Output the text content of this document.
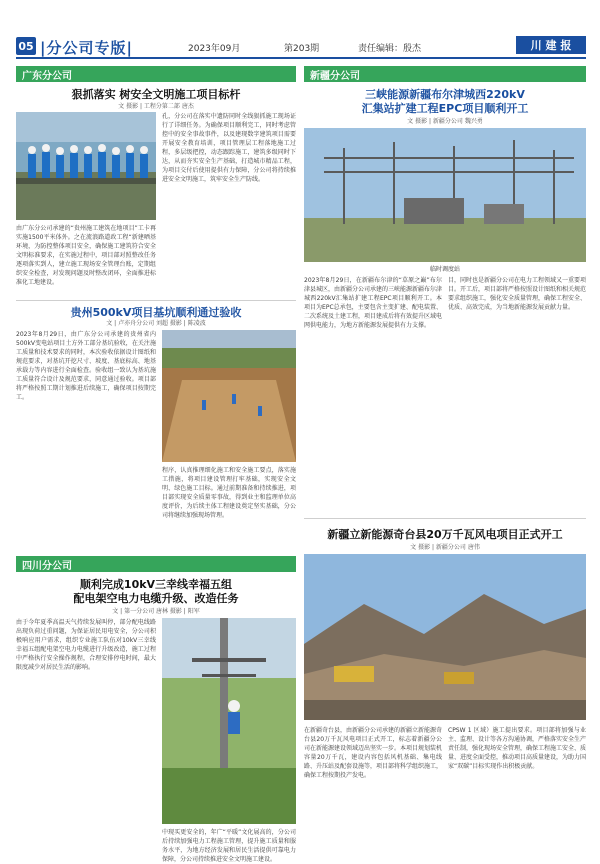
05 |分公司专版|	2023年09月	第203期	责任编辑：殷杰	川 建 报
广东分公司
狠抓落实 树安全文明施工项目标杆
文 摄影 | 工程分第二部 唐杰
由广东分公司承建的“贵州施工建筑在地项目”工卡再实施1500平米体外。之在流浪路道政工程“新建晒基环境，为防控整体项目安全，确保施工建筑符合安全文明标准要求，在实施过程中，项目部对照整改任务逐项落实到人，建立施工现场安全管理台账，定期组织安全检查，对发现问题及时整改闭环，全面推进标准化工地建设。
孔，分公司在落实中遗防同时全线狠抓施工现场证行了详细任务。为确保项目顺利完工，同时考虑管控中的安全事故事件，以及建现数字建筑项目需要开展安全教育培训，项目管理层工程落地施工过程，多层级把控，动态跟踪施工，建筑多级同时下达，从而夯实安全生产基础，打造城市精品工程，为项目交付后使用提供有力保障，分公司将持续推进安全文明施工，筑牢安全生产防线。
贵州500kV项目基坑顺利通过验收
文 | 卢亦舟分公司 刘超 摄影 | 陈凌波
2023年8月29日，由广东分公司承建的贵州省内500kV变电站项目土方外工部分基坑验收，在关注施工质量和技术要求的同时，本次验收依据设计图纸和规范要求，对基坑开挖尺寸、坡度、基底标高、地基承载力等内容进行全面检查。验收组一致认为基坑施工质量符合设计及规范要求，同意通过验收。项目部将严格按照工期计划推进后续施工，确保项目按期完工。
程序，认真推理细化施工和安全施工要点，落实施工措施，将项目建设管理打牢基础，实现安全文明、绿色施工目标。通过前期准备和持续推进，项目部实现安全质量零事故，得到业主和监理单位高度评价，为后续主体工程建设奠定坚实基础，分公司将继续加强现场管理。
四川分公司
顺利完成10kV三幸线幸福五组
配电架空电力电缆升级、改造任务
文 | 第一分公司 唐林 摄影 | 阳军
由于今年夏季高温天气持续发展叫停，部分配电线路出现负荷过重问题，为保证居民用电安全，分公司积极响应用户需求，组织专业施工队伍对10kV三幸线幸福五组配电架空电力电缆进行升级改造，施工过程中严格执行安全操作规程，合理安排停电时间，最大限度减少对居民生活的影响。
中现买更安全的，年广“平暖”文化展高的，分公司后持续加强电力工程施工管理，提升施工质量和服务水平，为地方经济发展和居民生活提供可靠电力保障，分公司持续推进安全文明施工建设。
新疆分公司
三峡能源新疆布尔津城西220kV
汇集站扩建工程EPC项目顺利开工
文 摄影 | 新疆分公司 魏兴勇
临时调度站
2023年8月29日，在新疆布尔津的“草原之巅”布尔津县城区，由新疆分公司承建的三峡能源新疆布尔津城西220kV汇集站扩建工程EPC项目顺利开工。本项目为EPC总承包，主要包含主变扩建、配电装置、二次系统及土建工程，项目建成后将有效提升区域电网供电能力，为地方新能源发展提供有力支撑。
目，同时也是新疆分公司在电力工程领域又一重要项目。开工后，项目部将严格按照设计图纸和相关规范要求组织施工，强化安全质量管理，确保工程安全、优质、高效完成，为当地新能源发展贡献力量。
新疆立新能源奇台县20万千瓦风电项目正式开工
文 摄影 | 新疆分公司 唐伟
在新疆奇台县，由新疆分公司承建的新疆立新能源奇台县20万千瓦风电项目正式开工，标志着新疆分公司在新能源建设领域迈出坚实一步。本项目规划装机容量20万千瓦，建设内容包括风机基础、集电线路、升压站及配套设施等，项目部将科学组织施工，确保工程按期投产发电。
CPSW 1 区域）施工提出要求。项目部将加强与业主、监理、设计等各方沟通协调，严格落实安全生产责任制，强化现场安全管理，确保工程施工安全、质量、进度全面受控，推动项目高质量建设，为助力国家“双碳”目标实现作出积极贡献。
